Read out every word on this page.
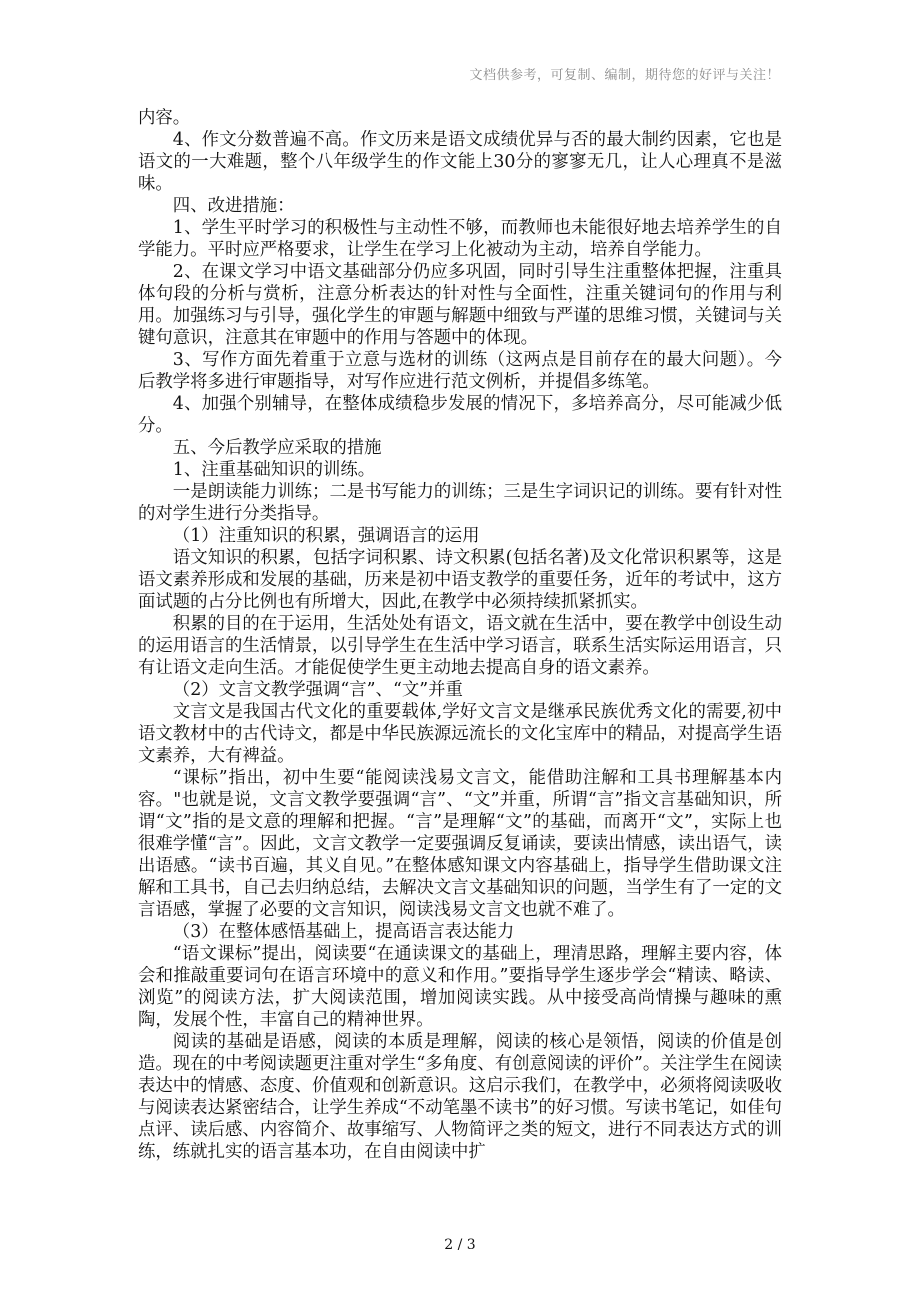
文档供参考，可复制、编制，期待您的好评与关注！

内容。

4、作文分数普遍不高。作文历来是语文成绩优异与否的最大制约因素，它也是语文的一大难题，整个八年级学生的作文能上30分的寥寥无几，让人心理真不是滋味。

四、改进措施：

1、学生平时学习的积极性与主动性不够，而教师也未能很好地去培养学生的自学能力。平时应严格要求，让学生在学习上化被动为主动，培养自学能力。

2、在课文学习中语文基础部分仍应多巩固，同时引导生注重整体把握，注重具体句段的分析与赏析，注意分析表达的针对性与全面性，注重关键词句的作用与利用。加强练习与引导，强化学生的审题与解题中细致与严谨的思维习惯，关键词与关键句意识，注意其在审题中的作用与答题中的体现。

3、写作方面先着重于立意与选材的训练（这两点是目前存在的最大问题）。今后教学将多进行审题指导，对写作应进行范文例析，并提倡多练笔。

4、加强个别辅导，在整体成绩稳步发展的情况下，多培养高分，尽可能减少低分。

五、今后教学应采取的措施

1、注重基础知识的训练。

一是朗读能力训练；二是书写能力的训练；三是生字词识记的训练。要有针对性的对学生进行分类指导。

（1）注重知识的积累，强调语言的运用

语文知识的积累，包括字词积累、诗文积累(包括名著)及文化常识积累等，这是语文素养形成和发展的基础，历来是初中语支教学的重要任务，近年的考试中，这方面试题的占分比例也有所增大，因此,在教学中必须持续抓紧抓实。

积累的目的在于运用，生活处处有语文，语文就在生活中，要在教学中创设生动的运用语言的生活情景，以引导学生在生活中学习语言，联系生活实际运用语言，只有让语文走向生活。才能促使学生更主动地去提高自身的语文素养。

（2）文言文教学强调“言”、“文”并重

文言文是我国古代文化的重要载体,学好文言文是继承民族优秀文化的需要,初中语文教材中的古代诗文，都是中华民族源远流长的文化宝库中的精品，对提高学生语文素养，大有裨益。

“课标”指出，初中生要“能阅读浅易文言文，能借助注解和工具书理解基本内容。"也就是说，文言文教学要强调“言”、“文”并重，所谓“言”指文言基础知识，所谓“文”指的是文意的理解和把握。“言”是理解“文”的基础，而离开“文”，实际上也很难学懂“言”。因此，文言文教学一定要强调反复诵读，要读出情感，读出语气，读出语感。“读书百遍，其义自见。”在整体感知课文内容基础上，指导学生借助课文注解和工具书，自己去归纳总结，去解决文言文基础知识的问题，当学生有了一定的文言语感，掌握了必要的文言知识，阅读浅易文言文也就不难了。

（3）在整体感悟基础上，提高语言表达能力

“语文课标”提出，阅读要“在通读课文的基础上，理清思路，理解主要内容，体会和推敲重要词句在语言环境中的意义和作用。”要指导学生逐步学会“精读、略读、浏览”的阅读方法，扩大阅读范围，增加阅读实践。从中接受高尚情操与趣味的熏陶，发展个性，丰富自己的精神世界。

阅读的基础是语感，阅读的本质是理解，阅读的核心是领悟，阅读的价值是创造。现在的中考阅读题更注重对学生“多角度、有创意阅读的评价”。关注学生在阅读表达中的情感、态度、价值观和创新意识。这启示我们，在教学中，必须将阅读吸收与阅读表达紧密结合，让学生养成“不动笔墨不读书”的好习惯。写读书笔记，如佳句点评、读后感、内容简介、故事缩写、人物简评之类的短文，进行不同表达方式的训练，练就扎实的语言基本功，在自由阅读中扩

2 / 3
